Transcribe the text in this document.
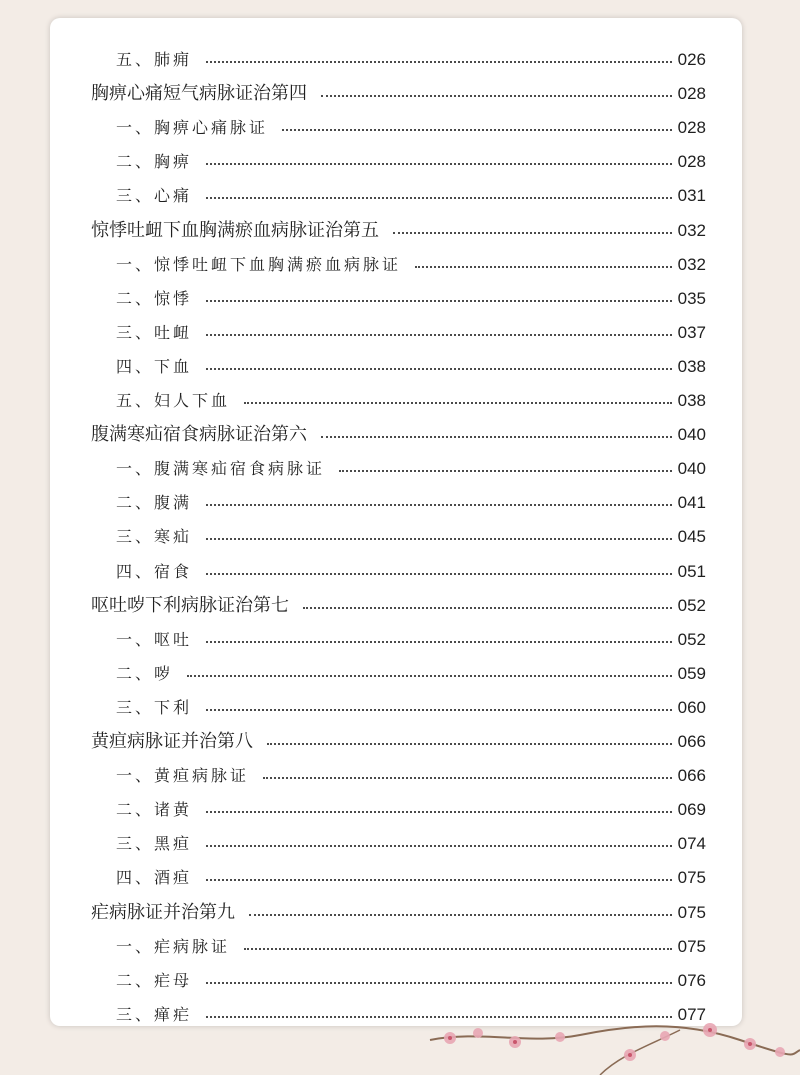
五、肺痈	026
胸痹心痛短气病脉证治第四	028
一、胸痹心痛脉证	028
二、胸痹	028
三、心痛	031
惊悸吐衄下血胸满瘀血病脉证治第五	032
一、惊悸吐衄下血胸满瘀血病脉证	032
二、惊悸	035
三、吐衄	037
四、下血	038
五、妇人下血	038
腹满寒疝宿食病脉证治第六	040
一、腹满寒疝宿食病脉证	040
二、腹满	041
三、寒疝	045
四、宿食	051
呕吐哕下利病脉证治第七	052
一、呕吐	052
二、哕	059
三、下利	060
黄疸病脉证并治第八	066
一、黄疸病脉证	066
二、诸黄	069
三、黑疸	074
四、酒疸	075
疟病脉证并治第九	075
一、疟病脉证	075
二、疟母	076
三、瘅疟	077
